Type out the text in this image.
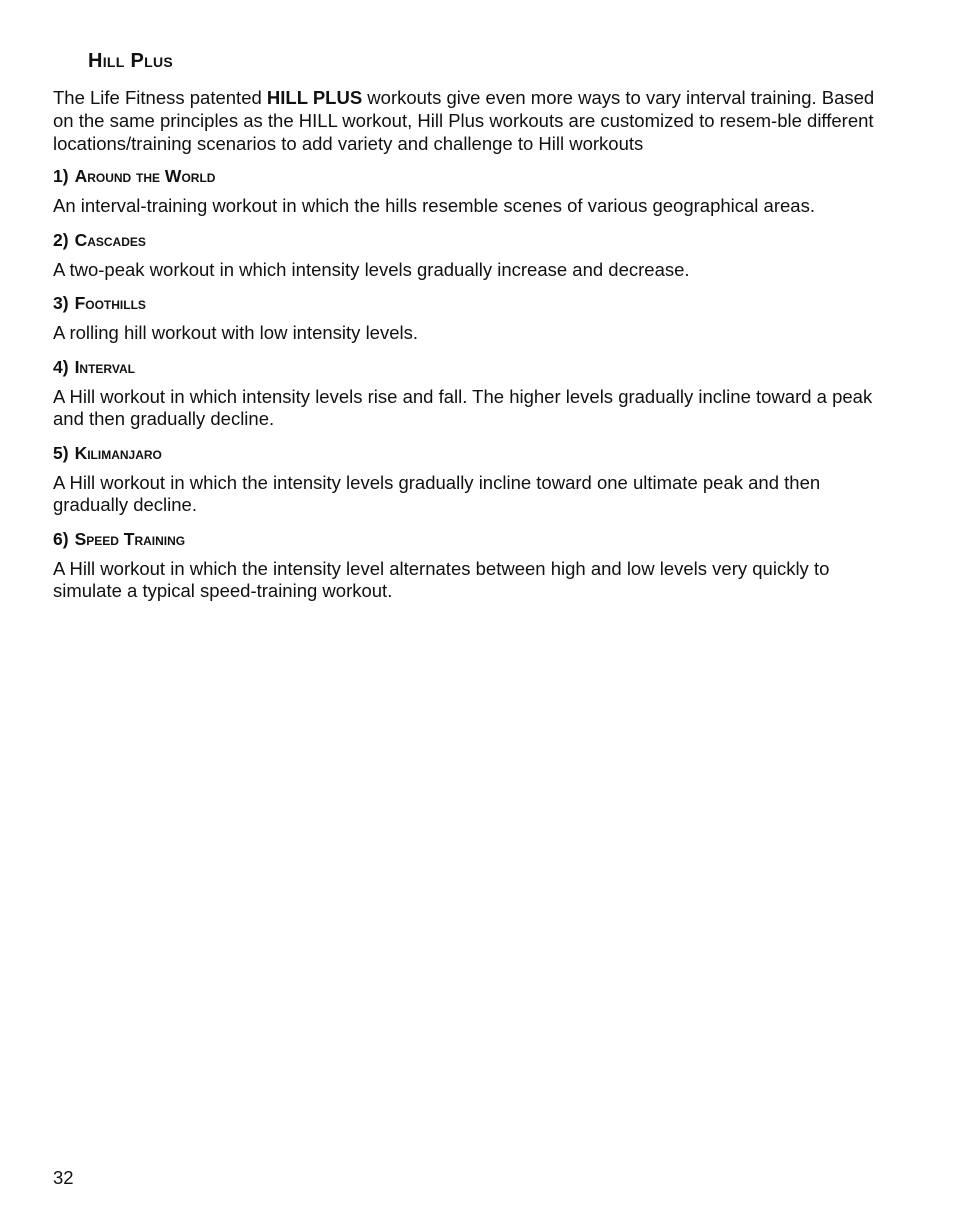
Hill Plus

The Life Fitness patented HILL PLUS workouts give even more ways to vary interval training. Based on the same principles as the HILL workout, Hill Plus workouts are customized to resem-ble different locations/training scenarios to add variety and challenge to Hill workouts

1) Around the World

An interval-training workout in which the hills resemble scenes of various geographical areas.

2) Cascades

A two-peak workout in which intensity levels gradually increase and decrease.

3) Foothills

A rolling hill workout with low intensity levels.

4) Interval

A Hill workout in which intensity levels rise and fall. The higher levels gradually incline toward a peak and then gradually decline.

5) Kilimanjaro

A Hill workout in which the intensity levels gradually incline toward one ultimate peak and then gradually decline.

6) Speed Training

A Hill workout in which the intensity level alternates between high and low levels very quickly to simulate a typical speed-training workout.

32
